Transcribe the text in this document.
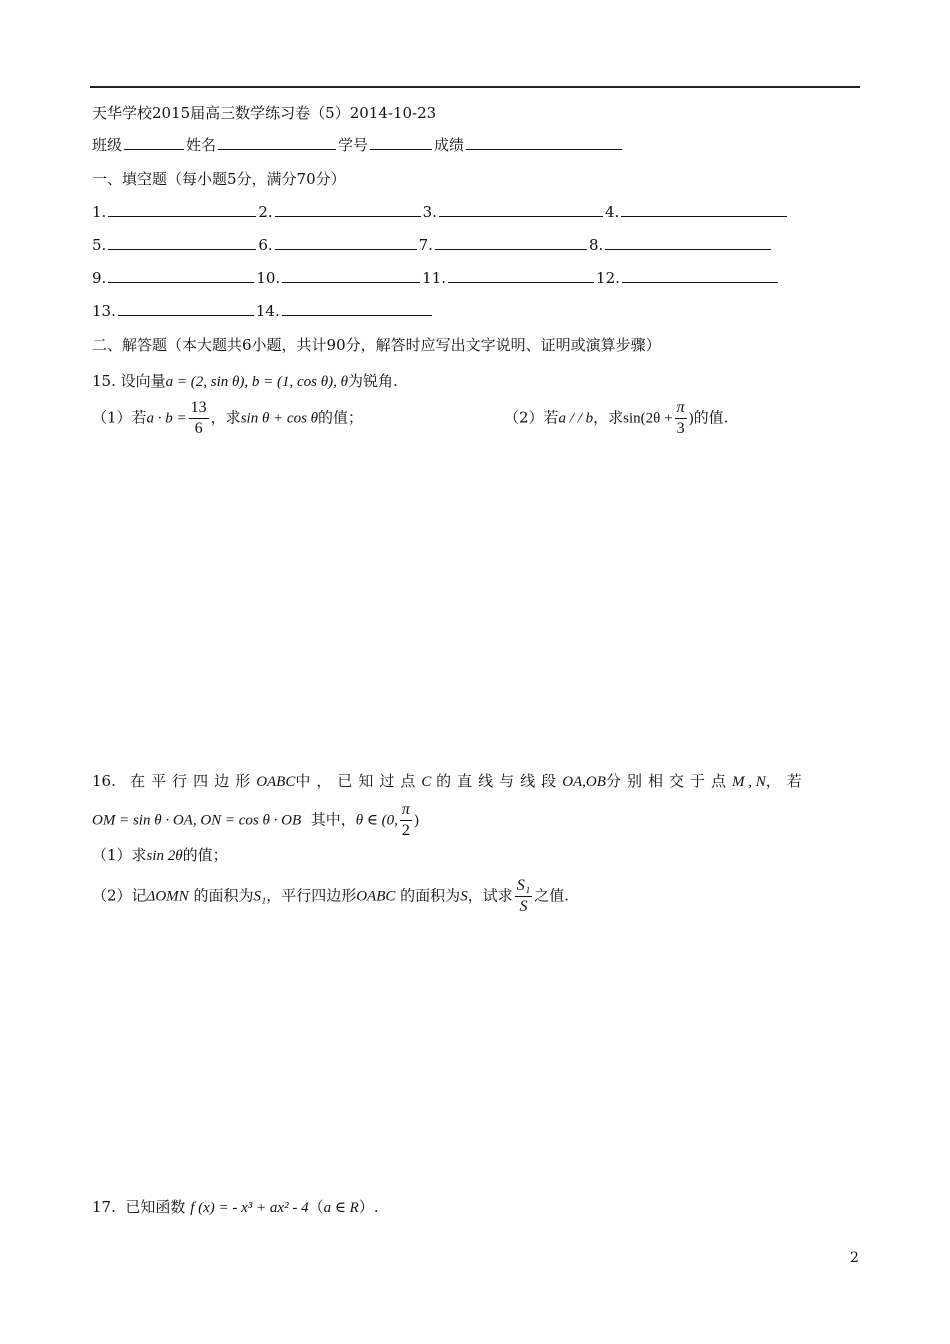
天华学校2015届高三数学练习卷（5）2014-10-23
班级	姓名	学号	成绩
一、填空题（每小题5分，满分70分）
1.	2.	3.	4.
5.	6.	7.	8.
9.	10.	11.	12.
13.	14.
二、解答题（本大题共6小题，共计90分，解答时应写出文字说明、证明或演算步骤）
15. 设向量a = (2, sin θ), b = (1, cos θ), θ为锐角.
（1）若$a \cdot b = \frac{13}{6}$ ，求sin θ + cos θ的值；	（2）若a / / b，求$\sin(2\theta + \frac{\pi}{3}$ )的值.
16. 在平行四边形OABC中，已知过点C 的直线与线段OA,OB分别相交于点M , N，若
OM = sin θ · OA, ON = cos θ · OB 其中，θ ∈ (0, $\frac{\pi}{2}$ )
（1）求sin 2θ的值；
（2）记ΔOMN 的面积为S₁，平行四边形OABC 的面积为S，试求 $\frac{\text{S₁}}{S}$ 之值.
17. 已知函数 f (x) = - x³ + ax² - 4（a ∈ R）.
2
